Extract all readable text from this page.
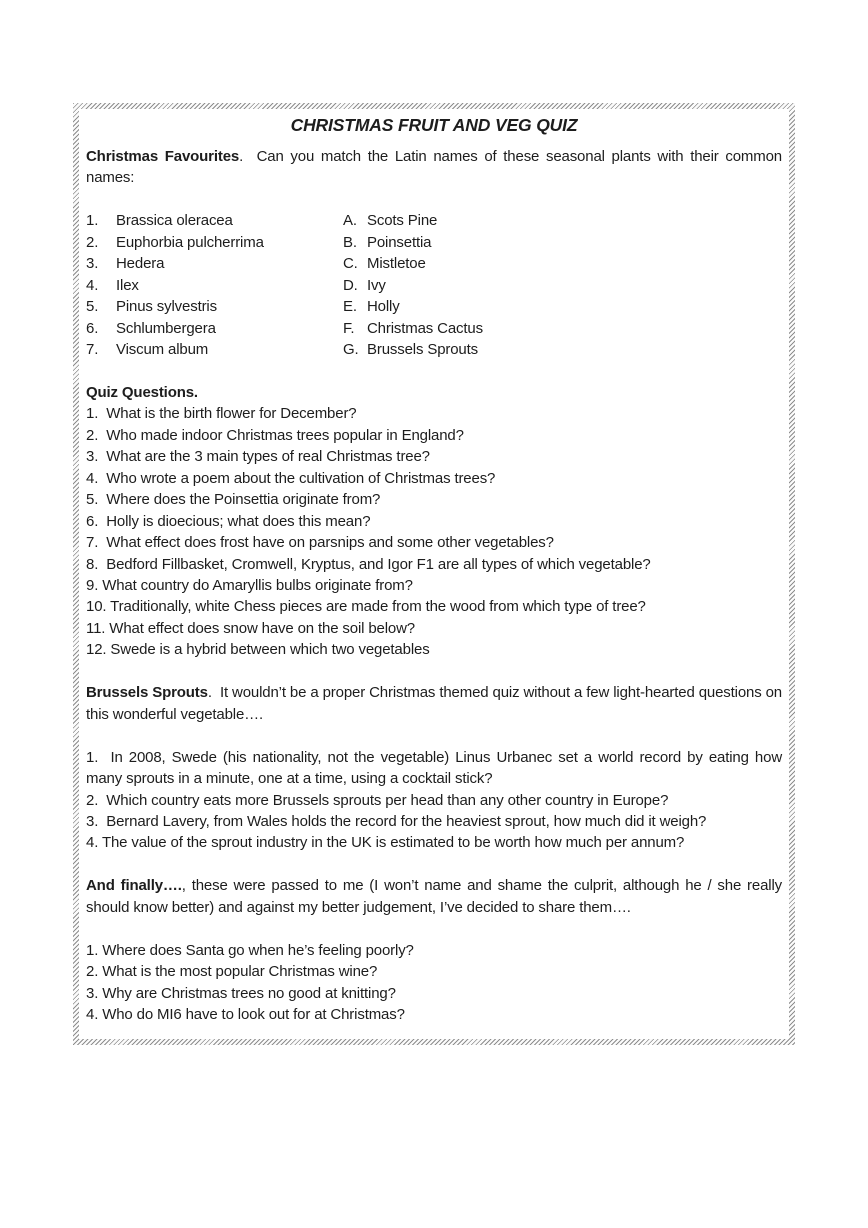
CHRISTMAS FRUIT AND VEG QUIZ

Christmas Favourites.  Can you match the Latin names of these seasonal plants with their common names:

1.	Brassica oleracea	A. Scots Pine
2.	Euphorbia pulcherrima	B. Poinsettia
3.	Hedera	C. Mistletoe
4.	Ilex	D. Ivy
5.	Pinus sylvestris	E. Holly
6.	Schlumbergera	F. Christmas Cactus
7.	Viscum album	G. Brussels Sprouts
Quiz Questions.
1.  What is the birth flower for December?
2.  Who made indoor Christmas trees popular in England?
3.  What are the 3 main types of real Christmas tree?
4.  Who wrote a poem about the cultivation of Christmas trees?
5.  Where does the Poinsettia originate from?
6.  Holly is dioecious; what does this mean?
7.  What effect does frost have on parsnips and some other vegetables?
8.  Bedford Fillbasket, Cromwell, Kryptus, and Igor F1 are all types of which vegetable?
9. What country do Amaryllis bulbs originate from?
10. Traditionally, white Chess pieces are made from the wood from which type of tree?
11. What effect does snow have on the soil below?
12. Swede is a hybrid between which two vegetables

Brussels Sprouts.  It wouldn’t be a proper Christmas themed quiz without a few light-hearted questions on this wonderful vegetable….

1.  In 2008, Swede (his nationality, not the vegetable) Linus Urbanec set a world record by eating how many sprouts in a minute, one at a time, using a cocktail stick?
2.  Which country eats more Brussels sprouts per head than any other country in Europe?
3.  Bernard Lavery, from Wales holds the record for the heaviest sprout, how much did it weigh?
4. The value of the sprout industry in the UK is estimated to be worth how much per annum?

And finally…., these were passed to me (I won’t name and shame the culprit, although he / she really should know better) and against my better judgement, I’ve decided to share them….

1. Where does Santa go when he’s feeling poorly?
2. What is the most popular Christmas wine?
3. Why are Christmas trees no good at knitting?
4. Who do MI6 have to look out for at Christmas?
